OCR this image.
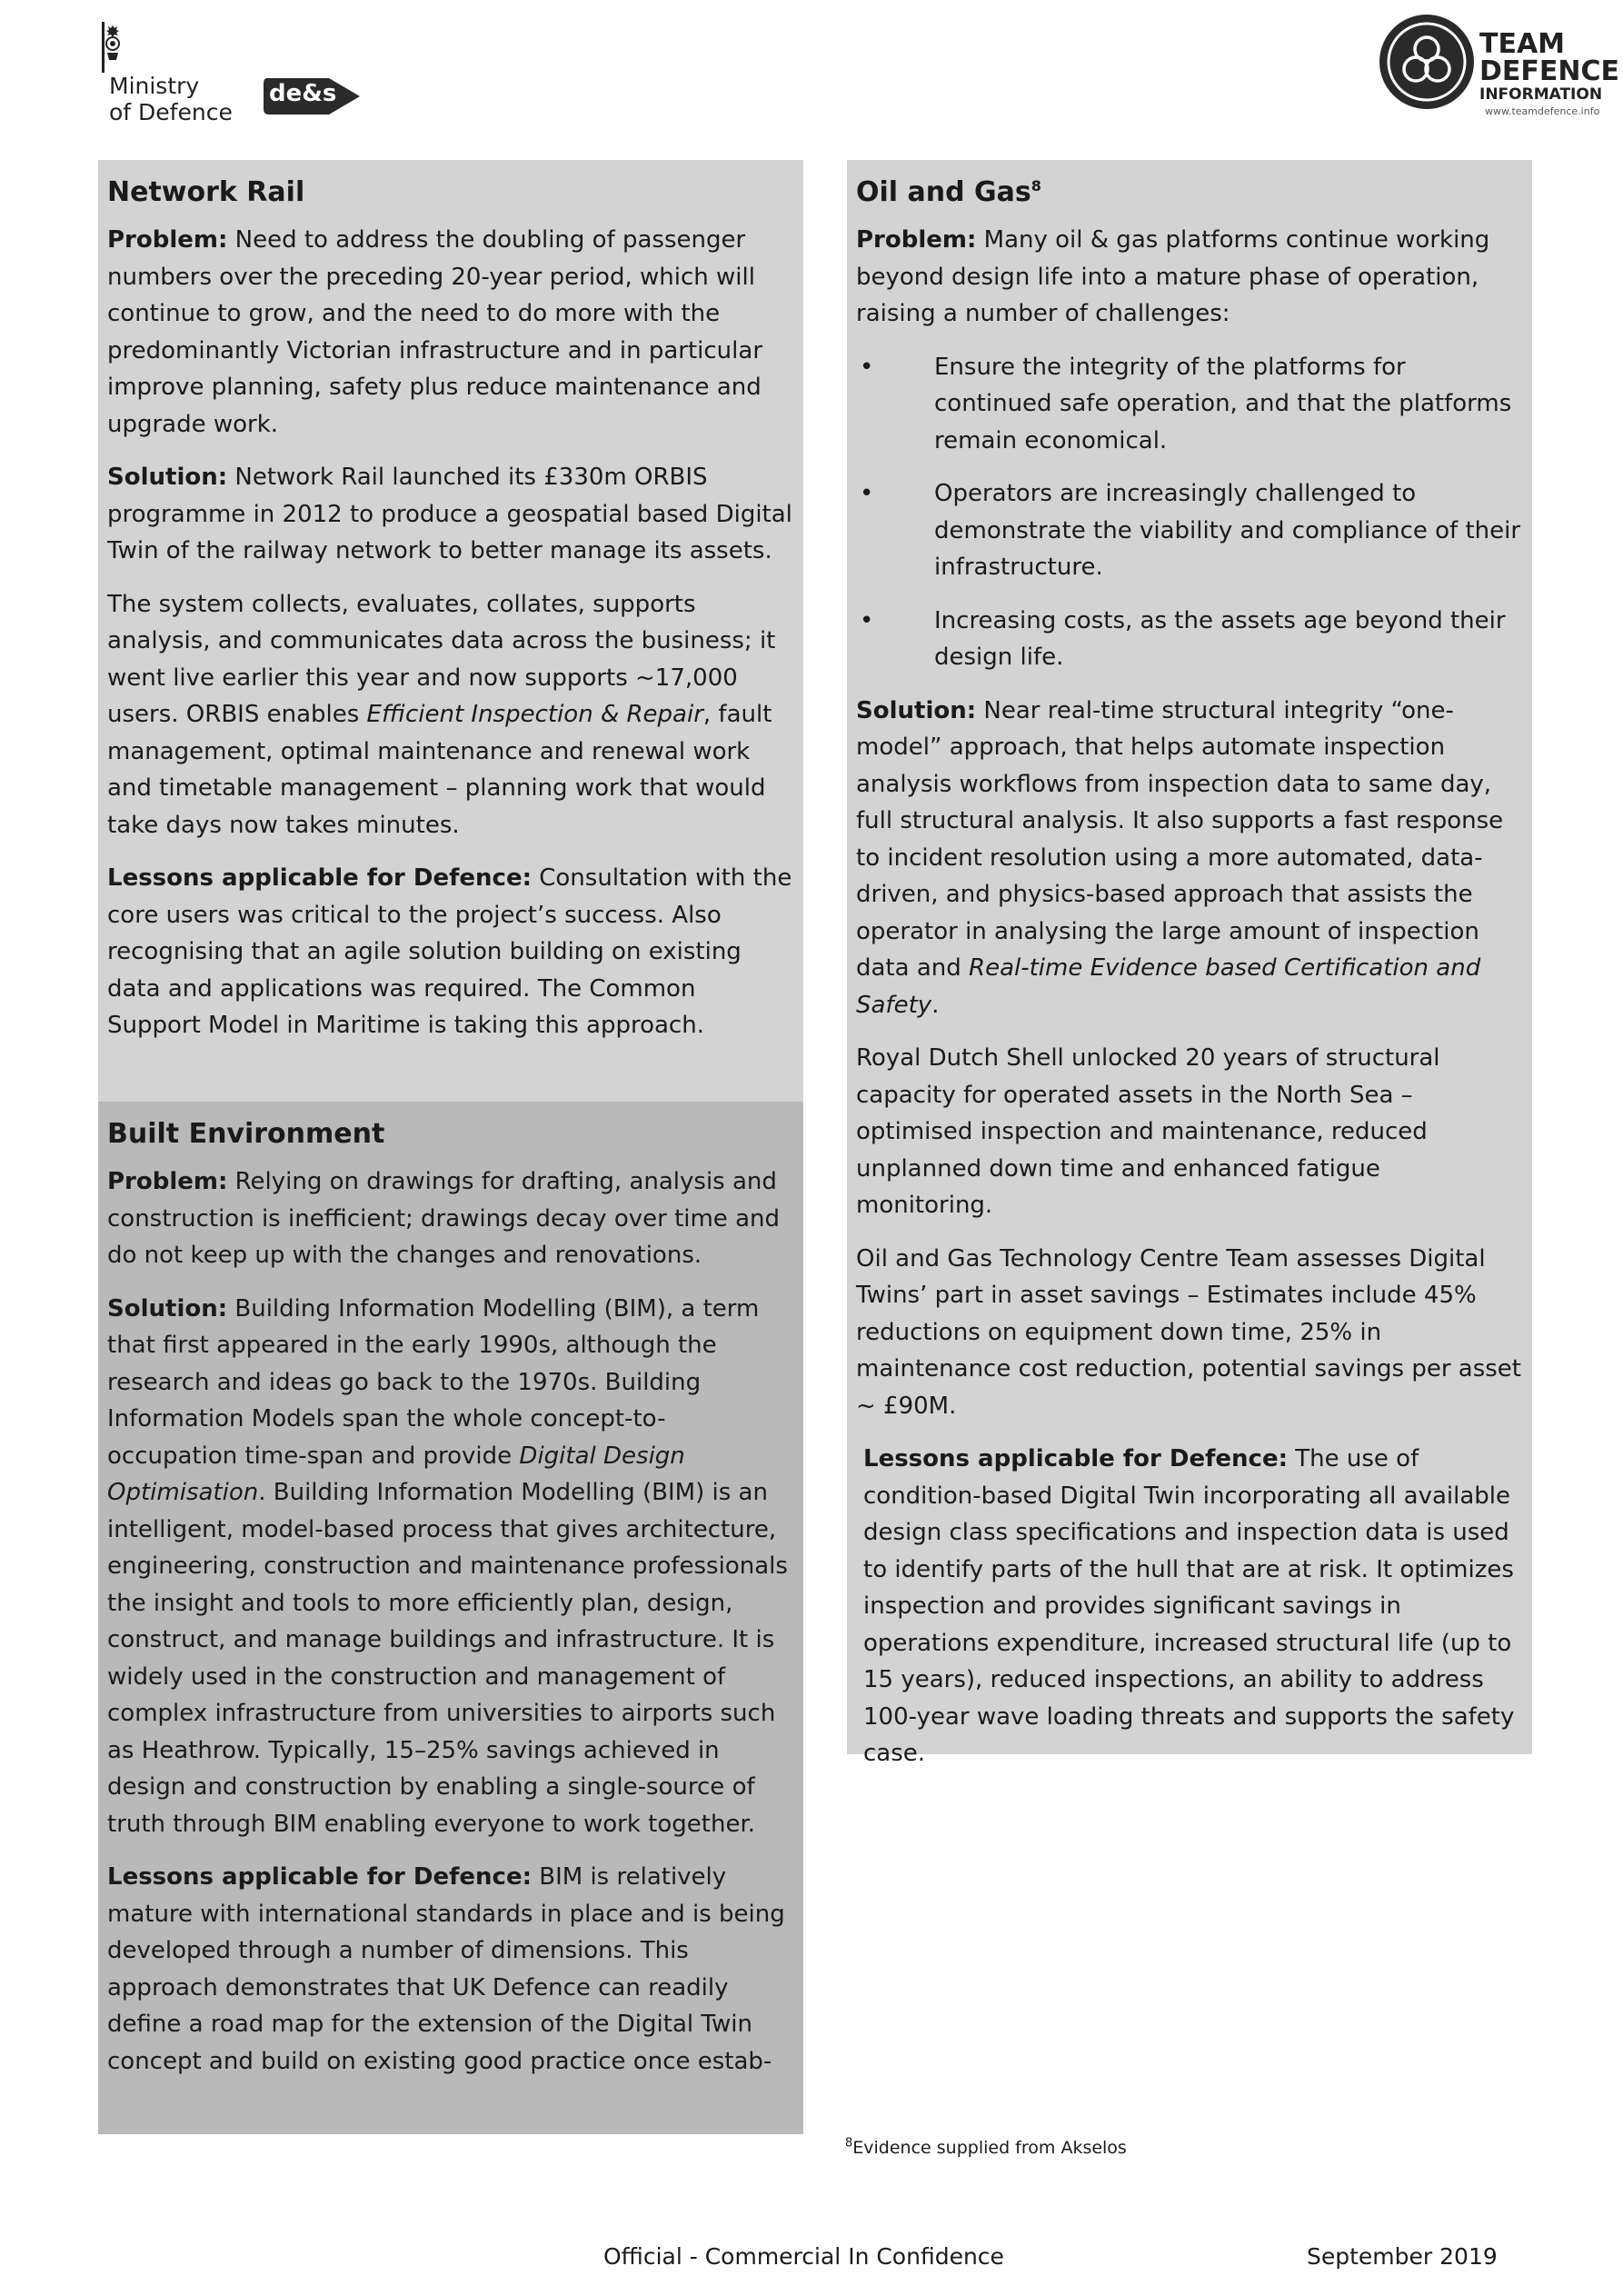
Ministry
of Defence
de&s
TEAM
DEFENCE
INFORMATION
www.teamdefence.info
Network Rail

Problem: Need to address the doubling of passenger numbers over the preceding 20-year period, which will continue to grow, and the need to do more with the predominantly Victorian infrastructure and in particular improve planning, safety plus reduce maintenance and upgrade work.

Solution: Network Rail launched its £330m ORBIS programme in 2012 to produce a geospatial based Digital Twin of the railway network to better manage its assets.

The system collects, evaluates, collates, supports analysis, and communicates data across the business; it went live earlier this year and now supports ~17,000 users. ORBIS enables Efficient Inspection & Repair, fault management, optimal maintenance and renewal work and timetable management – planning work that would take days now takes minutes.

Lessons applicable for Defence: Consultation with the core users was critical to the project’s success. Also recognising that an agile solution building on existing data and applications was required. The Common Support Model in Maritime is taking this approach.

Built Environment

Problem: Relying on drawings for drafting, analysis and construction is inefficient; drawings decay over time and do not keep up with the changes and renovations.

Solution: Building Information Modelling (BIM), a term that first appeared in the early 1990s, although the research and ideas go back to the 1970s. Building Information Models span the whole concept-to-occupation time-span and provide Digital Design Optimisation. Building Information Modelling (BIM) is an intelligent, model-based process that gives architecture, engineering, construction and maintenance professionals the insight and tools to more efficiently plan, design, construct, and manage buildings and infrastructure. It is widely used in the construction and management of complex infrastructure from universities to airports such as Heathrow. Typically, 15–25% savings achieved in design and construction by enabling a single-source of truth through BIM enabling everyone to work together.

Lessons applicable for Defence: BIM is relatively mature with international standards in place and is being developed through a number of dimensions. This approach demonstrates that UK Defence can readily define a road map for the extension of the Digital Twin concept and build on existing good practice once estab-

Oil and Gas$^8$

Problem: Many oil & gas platforms continue working beyond design life into a mature phase of operation, raising a number of challenges:

•	Ensure the integrity of the platforms for continued safe operation, and that the platforms remain economical.
•	Operators are increasingly challenged to demonstrate the viability and compliance of their infrastructure.
•	Increasing costs, as the assets age beyond their design life.

Solution: Near real-time structural integrity “one-model” approach, that helps automate inspection analysis workflows from inspection data to same day, full structural analysis. It also supports a fast response to incident resolution using a more automated, data-driven, and physics-based approach that assists the operator in analysing the large amount of inspection data and Real-time Evidence based Certification and Safety.

Royal Dutch Shell unlocked 20 years of structural capacity for operated assets in the North Sea – optimised inspection and maintenance, reduced unplanned down time and enhanced fatigue monitoring.

Oil and Gas Technology Centre Team assesses Digital Twins’ part in asset savings – Estimates include 45% reductions on equipment down time, 25% in maintenance cost reduction, potential savings per asset ~ £90M.

Lessons applicable for Defence: The use of condition-based Digital Twin incorporating all available design class specifications and inspection data is used to identify parts of the hull that are at risk. It optimizes inspection and provides significant savings in operations expenditure, increased structural life (up to 15 years), reduced inspections, an ability to address 100-year wave loading threats and supports the safety case.

$^8$Evidence supplied from Akselos
Official - Commercial In Confidence	September 2019
